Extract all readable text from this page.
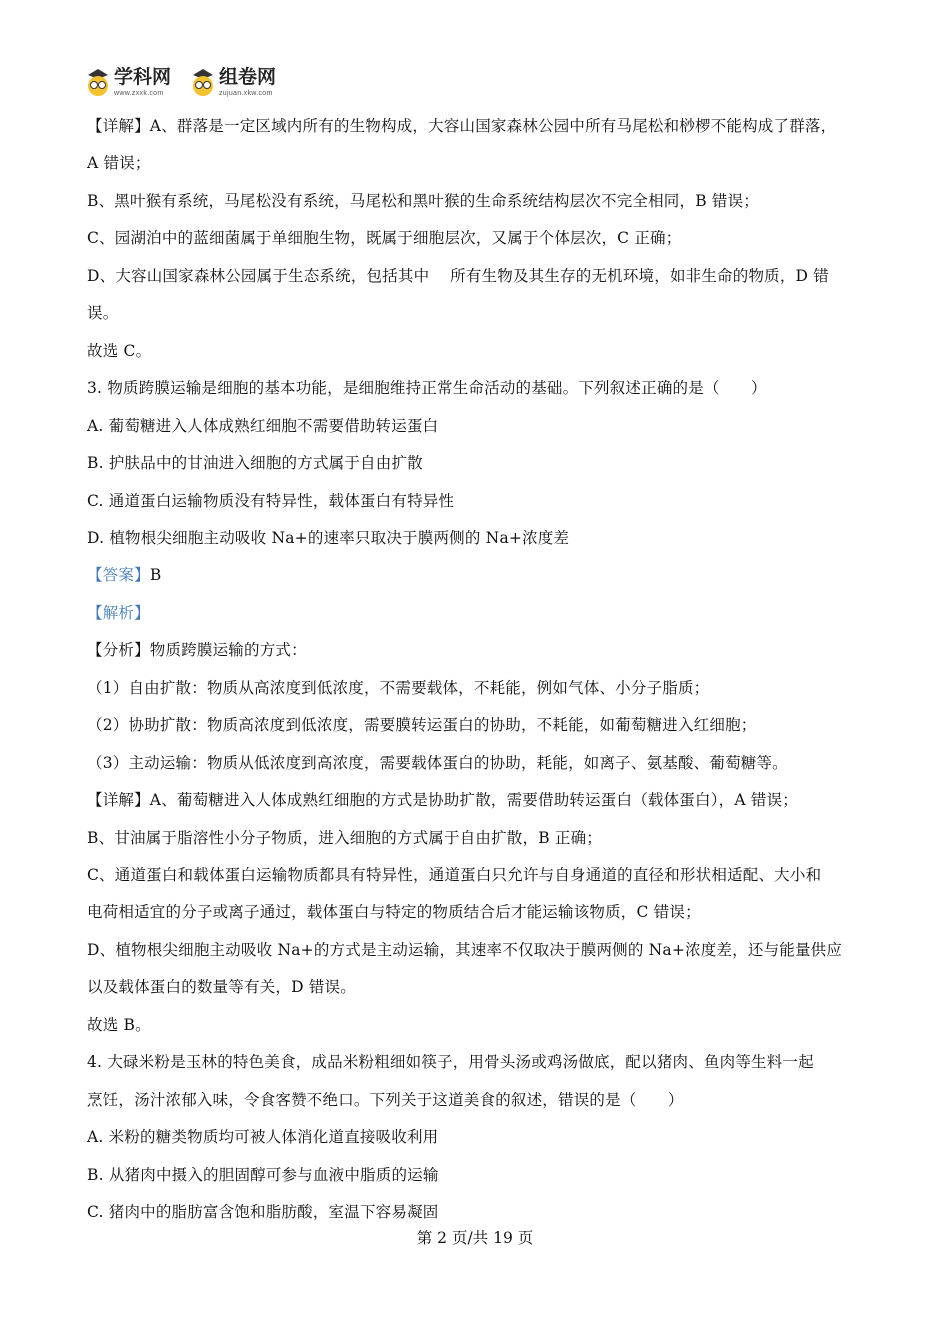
学科网
www.zxxk.com
组卷网
zujuan.xkw.com
【详解】A、群落是一定区域内所有的生物构成，大容山国家森林公园中所有马尾松和桫椤不能构成了群落，
A 错误；
B、黑叶猴有系统，马尾松没有系统，马尾松和黑叶猴的生命系统结构层次不完全相同，B 错误；
C、园湖泊中的蓝细菌属于单细胞生物，既属于细胞层次，又属于个体层次，C 正确；
D、大容山国家森林公园属于生态系统，包括其中　 所有生物及其生存的无机环境，如非生命的物质，D 错
误。
故选 C。
3. 物质跨膜运输是细胞的基本功能，是细胞维持正常生命活动的基础。下列叙述正确的是（　　）
A. 葡萄糖进入人体成熟红细胞不需要借助转运蛋白
B. 护肤品中的甘油进入细胞的方式属于自由扩散
C. 通道蛋白运输物质没有特异性，载体蛋白有特异性
D. 植物根尖细胞主动吸收 Na+的速率只取决于膜两侧的 Na+浓度差
【答案】B
【解析】
【分析】物质跨膜运输的方式：
（1）自由扩散：物质从高浓度到低浓度，不需要载体，不耗能，例如气体、小分子脂质；
（2）协助扩散：物质高浓度到低浓度，需要膜转运蛋白的协助，不耗能，如葡萄糖进入红细胞；
（3）主动运输：物质从低浓度到高浓度，需要载体蛋白的协助，耗能，如离子、氨基酸、葡萄糖等。
【详解】A、葡萄糖进入人体成熟红细胞的方式是协助扩散，需要借助转运蛋白（载体蛋白），A 错误；
B、甘油属于脂溶性小分子物质，进入细胞的方式属于自由扩散，B 正确；
C、通道蛋白和载体蛋白运输物质都具有特异性，通道蛋白只允许与自身通道的直径和形状相适配、大小和
电荷相适宜的分子或离子通过，载体蛋白与特定的物质结合后才能运输该物质，C 错误；
D、植物根尖细胞主动吸收 Na+的方式是主动运输，其速率不仅取决于膜两侧的 Na+浓度差，还与能量供应
以及载体蛋白的数量等有关，D 错误。
故选 B。
4. 大碌米粉是玉林的特色美食，成品米粉粗细如筷子，用骨头汤或鸡汤做底，配以猪肉、鱼肉等生料一起
烹饪，汤汁浓郁入味，令食客赞不绝口。下列关于这道美食的叙述，错误的是（　　）
A. 米粉的糖类物质均可被人体消化道直接吸收利用
B. 从猪肉中摄入的胆固醇可参与血液中脂质的运输
C. 猪肉中的脂肪富含饱和脂肪酸，室温下容易凝固
第 2 页/共 19 页
